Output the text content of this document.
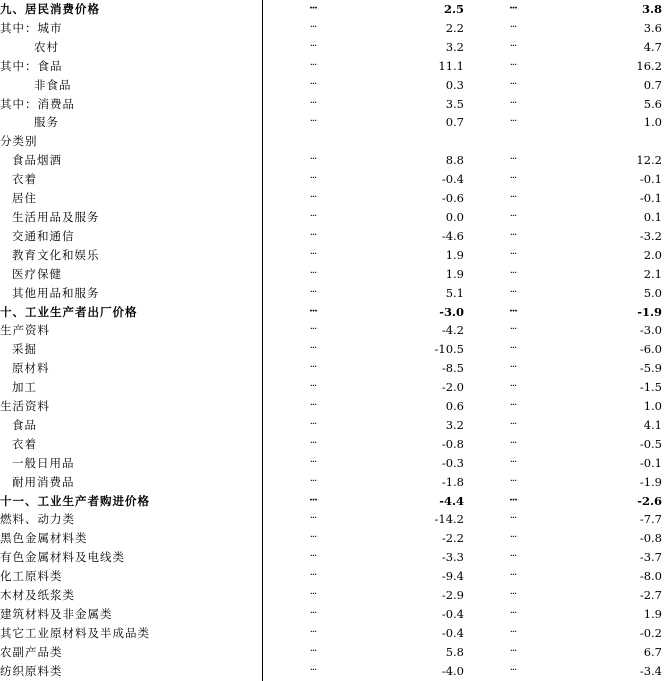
九、居民消费价格		···	2.5		···	3.8
其中：城市		···	2.2		···	3.6
农村		···	3.2		···	4.7
其中：食品		···	11.1		···	16.2
非食品		···	0.3		···	0.7
其中：消费品		···	3.5		···	5.6
服务		···	0.7		···	1.0
分类别						
食品烟酒		···	8.8		···	12.2
衣着		···	-0.4		···	-0.1
居住		···	-0.6		···	-0.1
生活用品及服务		···	0.0		···	0.1
交通和通信		···	-4.6		···	-3.2
教育文化和娱乐		···	1.9		···	2.0
医疗保健		···	1.9		···	2.1
其他用品和服务		···	5.1		···	5.0
十、工业生产者出厂价格		···	-3.0		···	-1.9
生产资料		···	-4.2		···	-3.0
采掘		···	-10.5		···	-6.0
原材料		···	-8.5		···	-5.9
加工		···	-2.0		···	-1.5
生活资料		···	0.6		···	1.0
食品		···	3.2		···	4.1
衣着		···	-0.8		···	-0.5
一般日用品		···	-0.3		···	-0.1
耐用消费品		···	-1.8		···	-1.9
十一、工业生产者购进价格		···	-4.4		···	-2.6
燃料、动力类		···	-14.2		···	-7.7
黑色金属材料类		···	-2.2		···	-0.8
有色金属材料及电线类		···	-3.3		···	-3.7
化工原料类		···	-9.4		···	-8.0
木材及纸浆类		···	-2.9		···	-2.7
建筑材料及非金属类		···	-0.4		···	1.9
其它工业原材料及半成品类		···	-0.4		···	-0.2
农副产品类		···	5.8		···	6.7
纺织原料类		···	-4.0		···	-3.4
